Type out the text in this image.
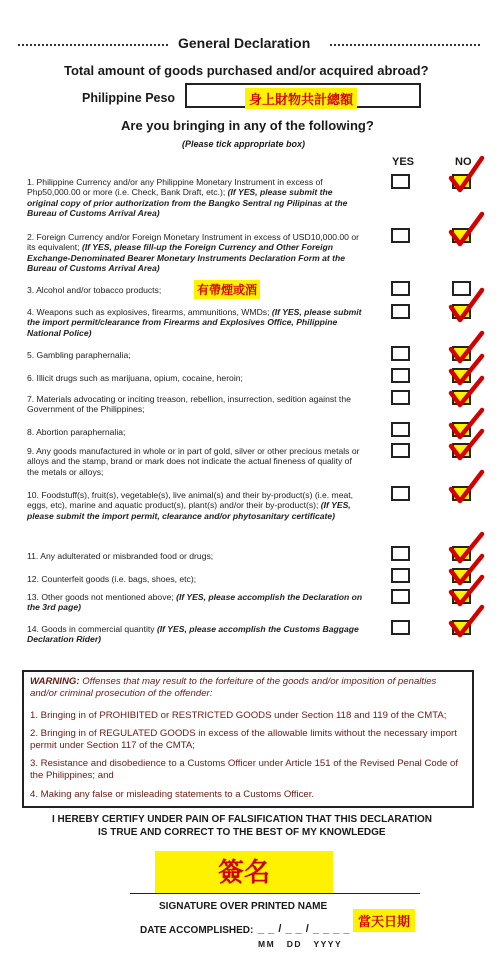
General Declaration
Total amount of goods purchased and/or acquired abroad?
Philippine Peso	身上財物共計總額
Are you bringing in any of the following?
(Please tick appropriate box)
YES	NO
1. Philippine Currency and/or any Philippine Monetary Instrument in excess of Php50,000.00 or more (i.e. Check, Bank Draft, etc.); (If YES, please submit the original copy of prior authorization from the Bangko Sentral ng Pilipinas at the Bureau of Customs Arrival Area)
2. Foreign Currency and/or Foreign Monetary Instrument in excess of USD10,000.00 or its equivalent; (If YES, please fill-up the Foreign Currency and Other Foreign Exchange-Denominated Bearer Monetary Instruments Declaration Form at the Bureau of Customs Arrival Area)
3. Alcohol and/or tobacco products;	有帶煙或酒
4. Weapons such as explosives, firearms, ammunitions, WMDs; (If YES, please submit the import permit/clearance from Firearms and Explosives Office, Philippine National Police)
5. Gambling paraphernalia;
6. Illicit drugs such as marijuana, opium, cocaine, heroin;
7. Materials advocating or inciting treason, rebellion, insurrection, sedition against the Government of the Philippines;
8. Abortion paraphernalia;
9. Any goods manufactured in whole or in part of gold, silver or other precious metals or alloys and the stamp, brand or mark does not indicate the actual fineness of quality of the metals or alloys;
10. Foodstuff(s), fruit(s), vegetable(s), live animal(s) and their by-product(s) (i.e. meat, eggs, etc), marine and aquatic product(s), plant(s) and/or their by-product(s); (If YES, please submit the import permit, clearance and/or phytosanitary certificate)
11. Any adulterated or misbranded food or drugs;
12. Counterfeit goods (i.e. bags, shoes, etc);
13. Other goods not mentioned above; (If YES, please accomplish the Declaration on the 3rd page)
14. Goods in commercial quantity (If YES, please accomplish the Customs Baggage Declaration Rider)
WARNING: Offenses that may result to the forfeiture of the goods and/or imposition of penalties and/or criminal prosecution of the offender:
1. Bringing in of PROHIBITED or RESTRICTED GOODS under Section 118 and 119 of the CMTA;
2. Bringing in of REGULATED GOODS in excess of the allowable limits without the necessary import permit under Section 117 of the CMTA;
3. Resistance and disobedience to a Customs Officer under Article 151 of the Revised Penal Code of the Philippines; and
4. Making any false or misleading statements to a Customs Officer.
I HEREBY CERTIFY UNDER PAIN OF FALSIFICATION THAT THIS DECLARATION
IS TRUE AND CORRECT TO THE BEST OF MY KNOWLEDGE
簽名
SIGNATURE OVER PRINTED NAME
DATE ACCOMPLISHED: _ _ / _ _ / _ _ _ _ 當天日期
MM   DD   YYYY
